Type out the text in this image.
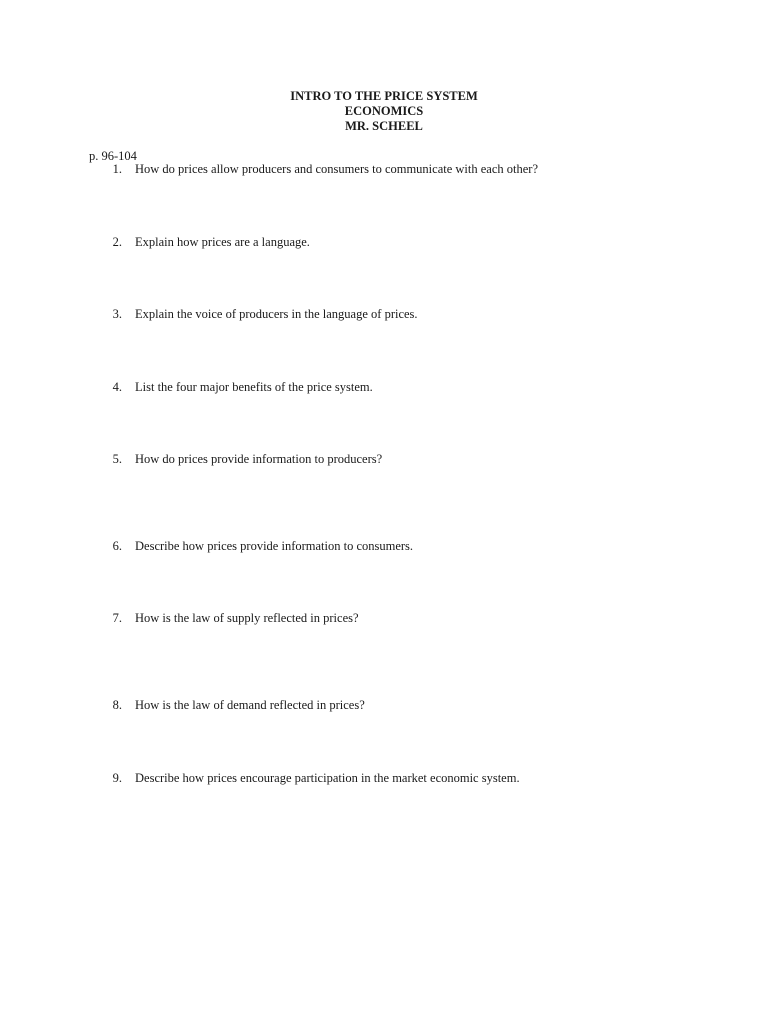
INTRO TO THE PRICE SYSTEM
ECONOMICS
MR. SCHEEL
p. 96-104
1. How do prices allow producers and consumers to communicate with each other?
2. Explain how prices are a language.
3. Explain the voice of producers in the language of prices.
4. List the four major benefits of the price system.
5. How do prices provide information to producers?
6. Describe how prices provide information to consumers.
7. How is the law of supply reflected in prices?
8. How is the law of demand reflected in prices?
9. Describe how prices encourage participation in the market economic system.
